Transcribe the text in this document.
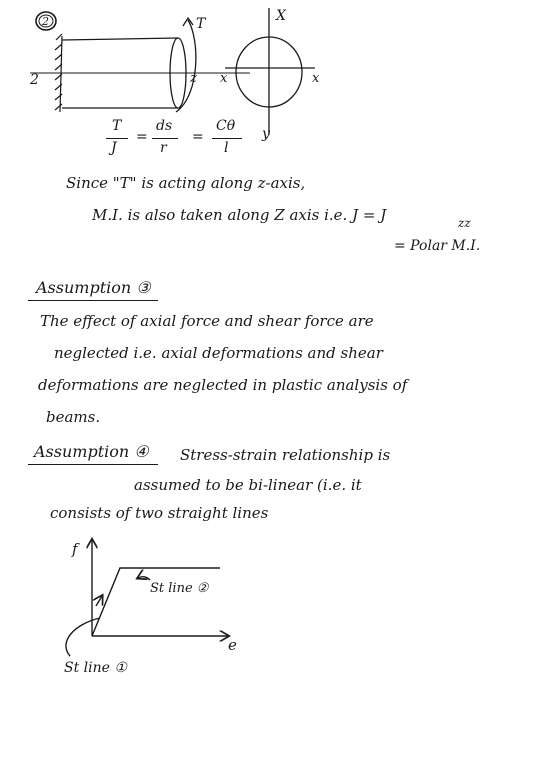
2
2
T
z x	x
X
y
T
J
=
ds
r
=
Cθ
l
Since "T" is acting along z-axis,
M.I. is also taken along Z axis i.e. J = J	zz
= Polar M.I.
Assumption ③
The effect of axial force and shear force are
neglected i.e. axial deformations and shear
deformations are neglected in plastic analysis of
beams.
Assumption ④ Stress-strain relationship is
assumed to be bi-linear (i.e. it
consists of two straight lines
f
e
St line ②
St line ①
